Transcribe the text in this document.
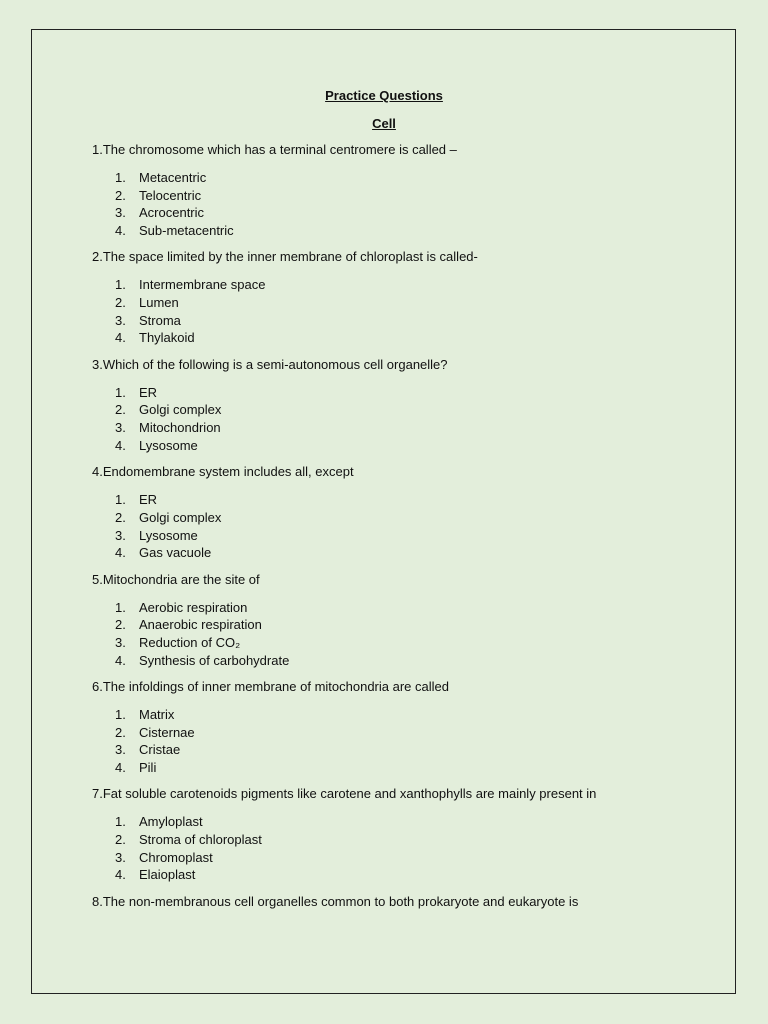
Practice Questions
Cell

1.The chromosome which has a terminal centromere is called –

1. Metacentric
2. Telocentric
3. Acrocentric
4. Sub-metacentric

2.The space limited by the inner membrane of chloroplast is called-

1. Intermembrane space
2. Lumen
3. Stroma
4. Thylakoid

3.Which of the following is a semi-autonomous cell organelle?

1. ER
2. Golgi complex
3. Mitochondrion
4. Lysosome

4.Endomembrane system includes all, except

1. ER
2. Golgi complex
3. Lysosome
4. Gas vacuole

5.Mitochondria are the site of

1. Aerobic respiration
2. Anaerobic respiration
3. Reduction of CO₂
4. Synthesis of carbohydrate

6.The infoldings of inner membrane of mitochondria are called

1. Matrix
2. Cisternae
3. Cristae
4. Pili

7.Fat soluble carotenoids pigments like carotene and xanthophylls are mainly present in

1. Amyloplast
2. Stroma of chloroplast
3. Chromoplast
4. Elaioplast

8.The non-membranous cell organelles common to both prokaryote and eukaryote is
